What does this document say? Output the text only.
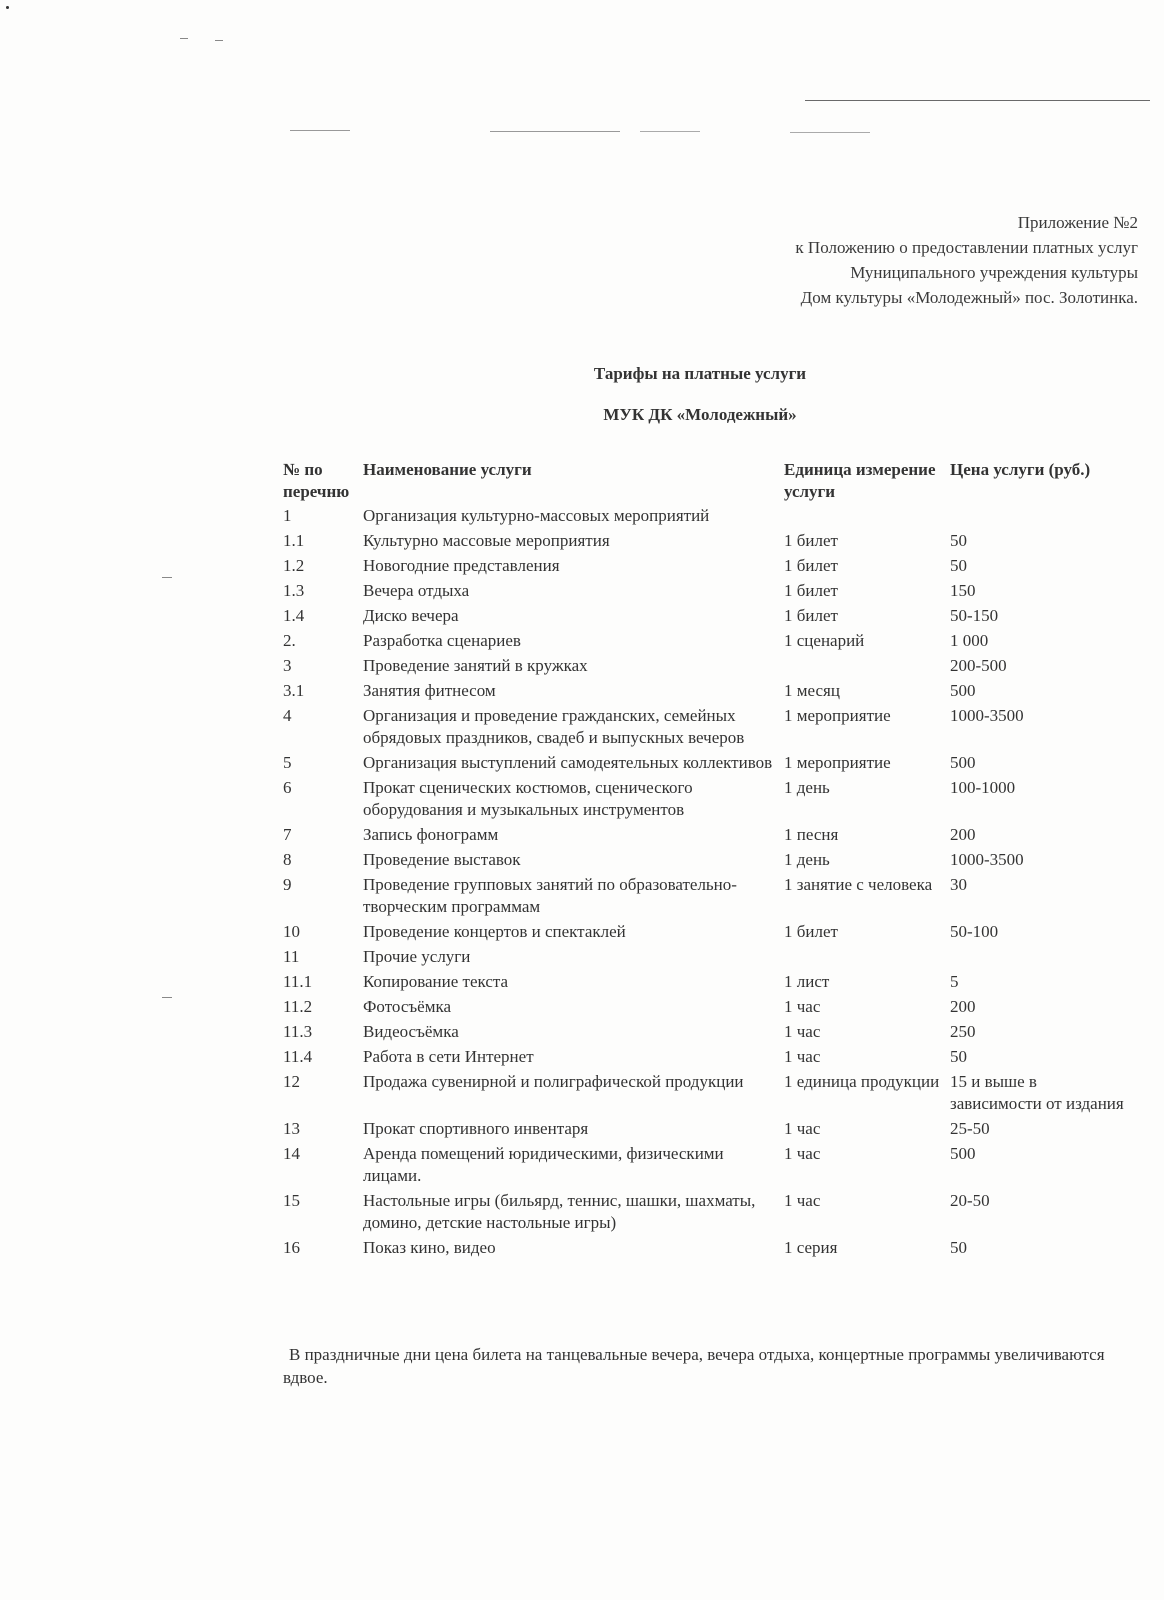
Приложение №2
к Положению о предоставлении платных услуг
Муниципального учреждения культуры
Дом культуры «Молодежный» пос. Золотинка.
Тарифы на платные услуги
МУК ДК «Молодежный»
№ по перечню	Наименование услуги	Единица измерение услуги	Цена услуги (руб.)
1	Организация культурно-массовых мероприятий		
1.1	Культурно массовые мероприятия	1 билет	50
1.2	Новогодние представления	1 билет	50
1.3	Вечера отдыха	1 билет	150
1.4	Диско вечера	1 билет	50-150
2.	Разработка сценариев	1 сценарий	1 000
3	Проведение занятий в кружках		200-500
3.1	Занятия фитнесом	1 месяц	500
4	Организация и проведение гражданских, семейных обрядовых праздников, свадеб и выпускных вечеров	1 мероприятие	1000-3500
5	Организация выступлений самодеятельных коллективов	1 мероприятие	500
6	Прокат сценических костюмов, сценического оборудования и музыкальных инструментов	1 день	100-1000
7	Запись фонограмм	1 песня	200
8	Проведение выставок	1 день	1000-3500
9	Проведение групповых занятий по образовательно-творческим программам	1 занятие с человека	30
10	Проведение концертов и спектаклей	1 билет	50-100
11	Прочие услуги		
11.1	Копирование текста	1 лист	5
11.2	Фотосъёмка	1 час	200
11.3	Видеосъёмка	1 час	250
11.4	Работа в сети Интернет	1 час	50
12	Продажа сувенирной и полиграфической продукции	1 единица продукции	15 и выше в зависимости от издания
13	Прокат спортивного инвентаря	1 час	25-50
14	Аренда помещений юридическими, физическими лицами.	1 час	500
15	Настольные игры (бильярд, теннис, шашки, шахматы, домино, детские настольные игры)	1 час	20-50
16	Показ кино, видео	1 серия	50
В праздничные дни цена билета на танцевальные вечера, вечера отдыха, концертные программы увеличиваются вдвое.
